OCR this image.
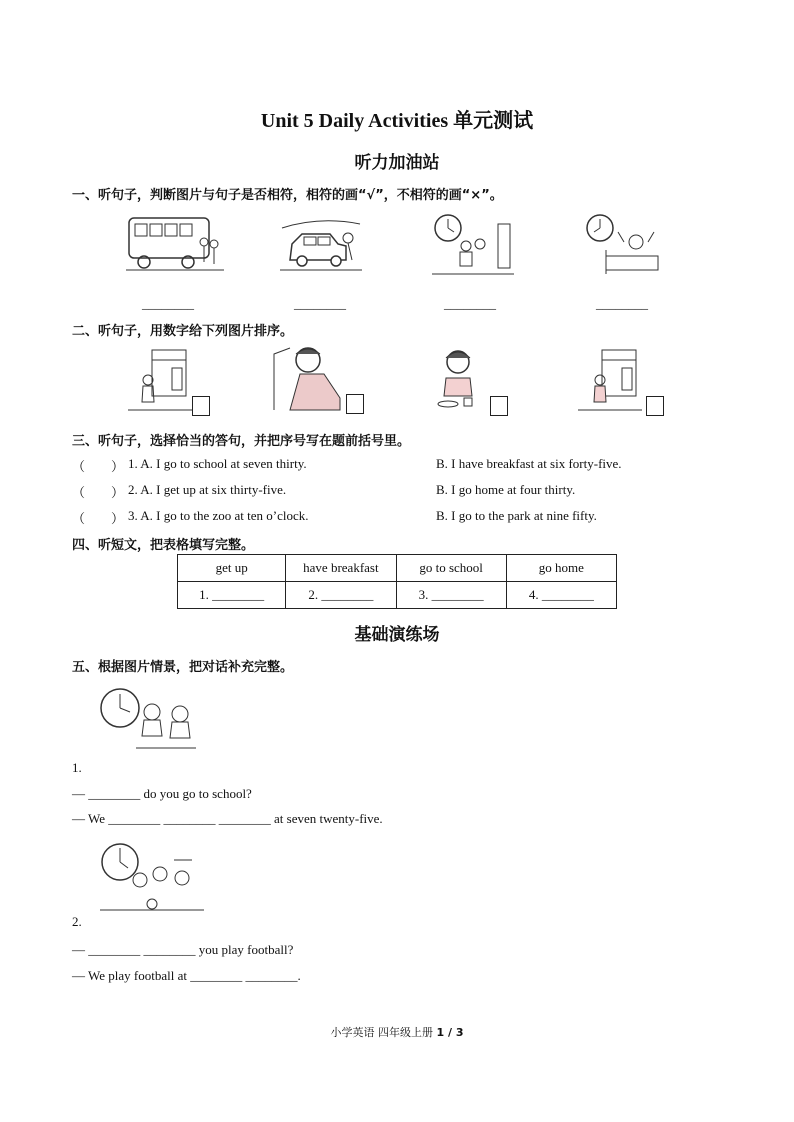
Unit 5 Daily Activities 单元测试
听力加油站
一、听句子，判断图片与句子是否相符，相符的画“√”，不相符的画“×”。
________	________	________	________
二、听句子，用数字给下列图片排序。
三、听句子，选择恰当的答句，并把序号写在题前括号里。
（　　） 1. A. I go to school at seven thirty.	B. I have breakfast at six forty-five.
（　　） 2. A. I get up at six thirty-five.	B. I go home at four thirty.
（　　） 3. A. I go to the zoo at ten o’clock.	B. I go to the park at nine fifty.
四、听短文，把表格填写完整。
get up	have breakfast	go to school	go home
1. ________	2. ________	3. ________	4. ________
基础演练场
五、根据图片情景，把对话补充完整。
1.
— ________ do you go to school?
— We ________ ________ ________ at seven twenty-five.
2.
— ________ ________ you play football?
— We play football at ________ ________.
小学英语 四年级上册 1 / 3
